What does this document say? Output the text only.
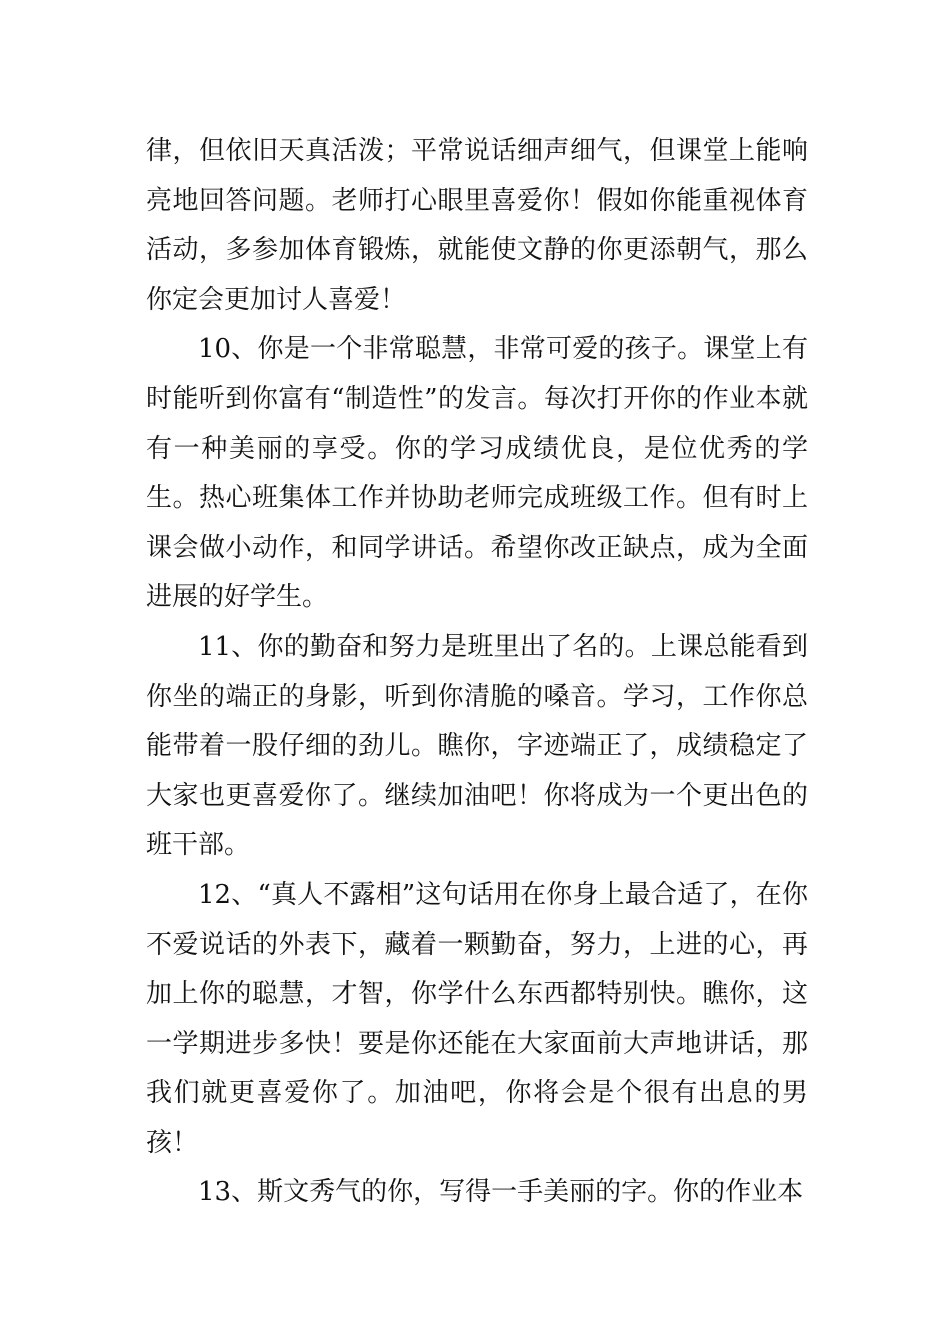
律，但依旧天真活泼；平常说话细声细气，但课堂上能响亮地回答问题。老师打心眼里喜爱你！假如你能重视体育活动，多参加体育锻炼，就能使文静的你更添朝气，那么你定会更加讨人喜爱！

10、你是一个非常聪慧，非常可爱的孩子。课堂上有时能听到你富有“制造性”的发言。每次打开你的作业本就有一种美丽的享受。你的学习成绩优良，是位优秀的学生。热心班集体工作并协助老师完成班级工作。但有时上课会做小动作，和同学讲话。希望你改正缺点，成为全面进展的好学生。

11、你的勤奋和努力是班里出了名的。上课总能看到你坐的端正的身影，听到你清脆的嗓音。学习，工作你总能带着一股仔细的劲儿。瞧你，字迹端正了，成绩稳定了大家也更喜爱你了。继续加油吧！你将成为一个更出色的班干部。

12、“真人不露相”这句话用在你身上最合适了，在你不爱说话的外表下，藏着一颗勤奋，努力，上进的心，再加上你的聪慧，才智，你学什么东西都特别快。瞧你，这一学期进步多快！要是你还能在大家面前大声地讲话，那我们就更喜爱你了。加油吧，你将会是个很有出息的男孩！

13、斯文秀气的你，写得一手美丽的字。你的作业本
